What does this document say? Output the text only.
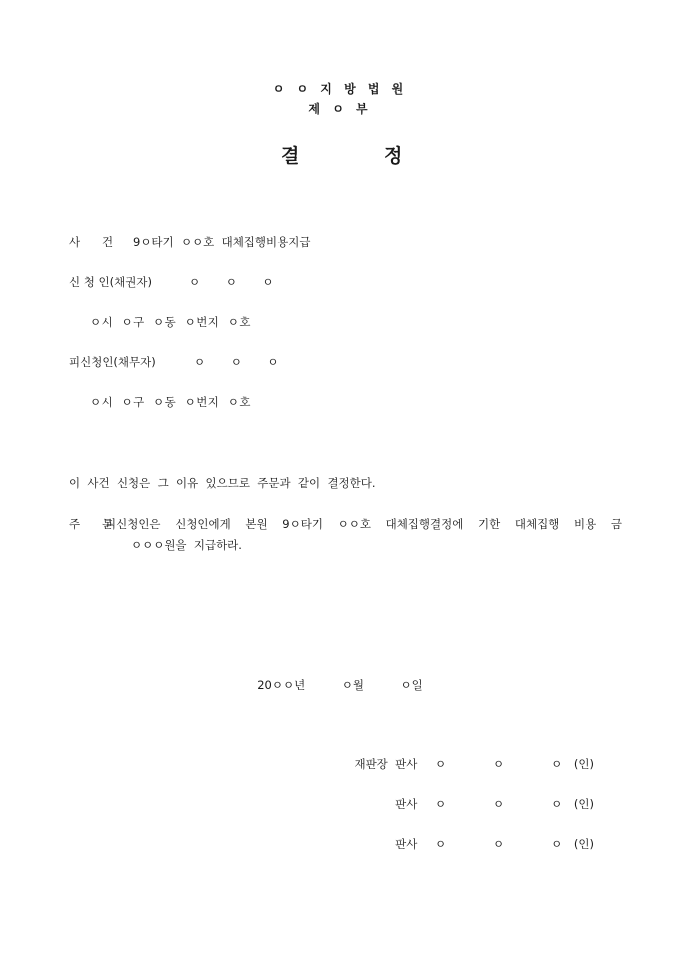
ㅇ ㅇ 지 방 법 원
제 ㅇ 부
결	정
사      건 9ㅇ타기  ㅇㅇ호  대체집행비용지급
신 청 인(채권자)	ㅇ       ㅇ       ㅇ
ㅇ시  ㅇ구  ㅇ동  ㅇ번지  ㅇ호
피신청인(채무자)	ㅇ       ㅇ       ㅇ
ㅇ시  ㅇ구  ㅇ동  ㅇ번지  ㅇ호
이  사건  신청은  그  이유  있으므로  주문과  같이  결정한다.
주      문
피신청인은  신청인에게  본원  9ㅇ타기  ㅇㅇ호  대체집행결정에  기한  대체집행  비용  금
ㅇㅇㅇ원을  지급하라.
20ㅇㅇ년          ㅇ월          ㅇ일
재판장  판사 ㅇ   ㅇ   ㅇ (인)
판사 ㅇ   ㅇ   ㅇ (인)
판사 ㅇ   ㅇ   ㅇ (인)
